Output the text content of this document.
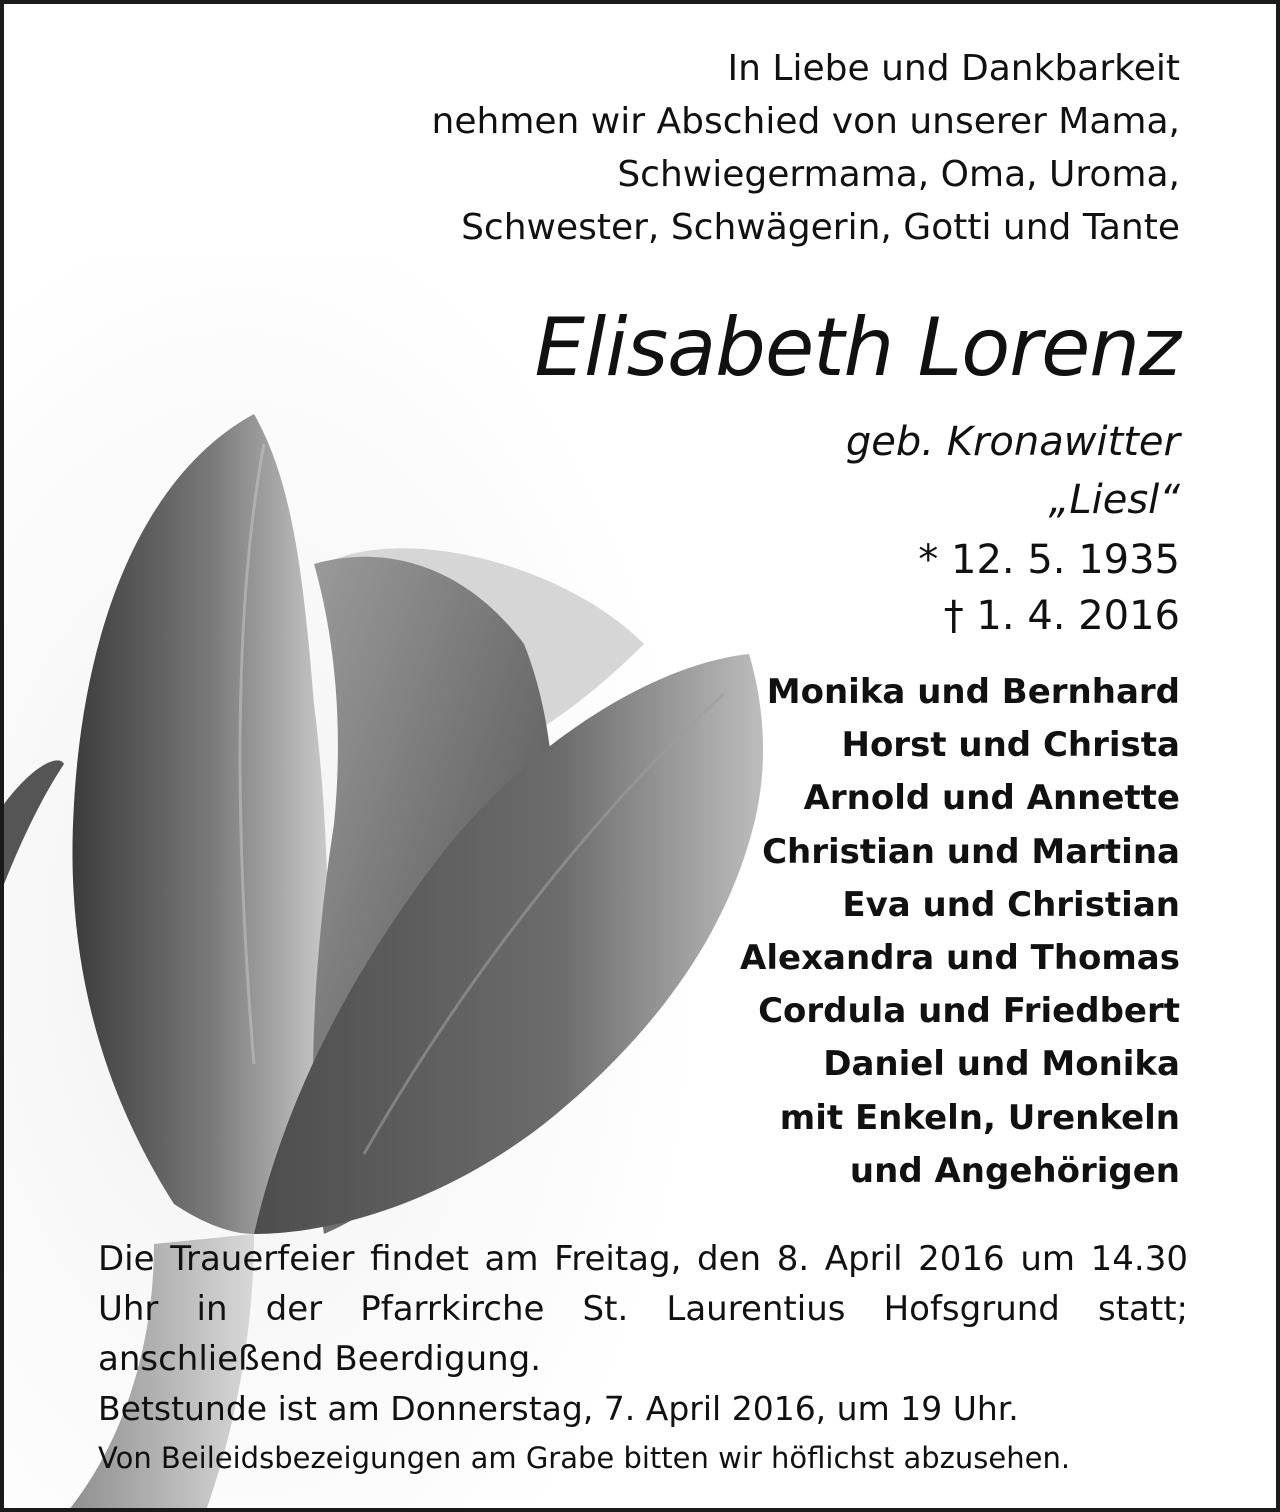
In Liebe und Dankbarkeit
nehmen wir Abschied von unserer Mama,
Schwiegermama, Oma, Uroma,
Schwester, Schwägerin, Gotti und Tante
Elisabeth Lorenz
geb. Kronawitter
„Liesl“
* 12. 5. 1935
† 1. 4. 2016
Monika und Bernhard
Horst und Christa
Arnold und Annette
Christian und Martina
Eva und Christian
Alexandra und Thomas
Cordula und Friedbert
Daniel und Monika
mit Enkeln, Urenkeln
und Angehörigen
Die Trauerfeier findet am Freitag, den 8. April 2016 um 14.30 Uhr in der Pfarrkirche St. Laurentius Hofsgrund statt; anschließend Beerdigung.
Betstunde ist am Donnerstag, 7. April 2016, um 19 Uhr.
Von Beileidsbezeigungen am Grabe bitten wir höflichst abzusehen.
